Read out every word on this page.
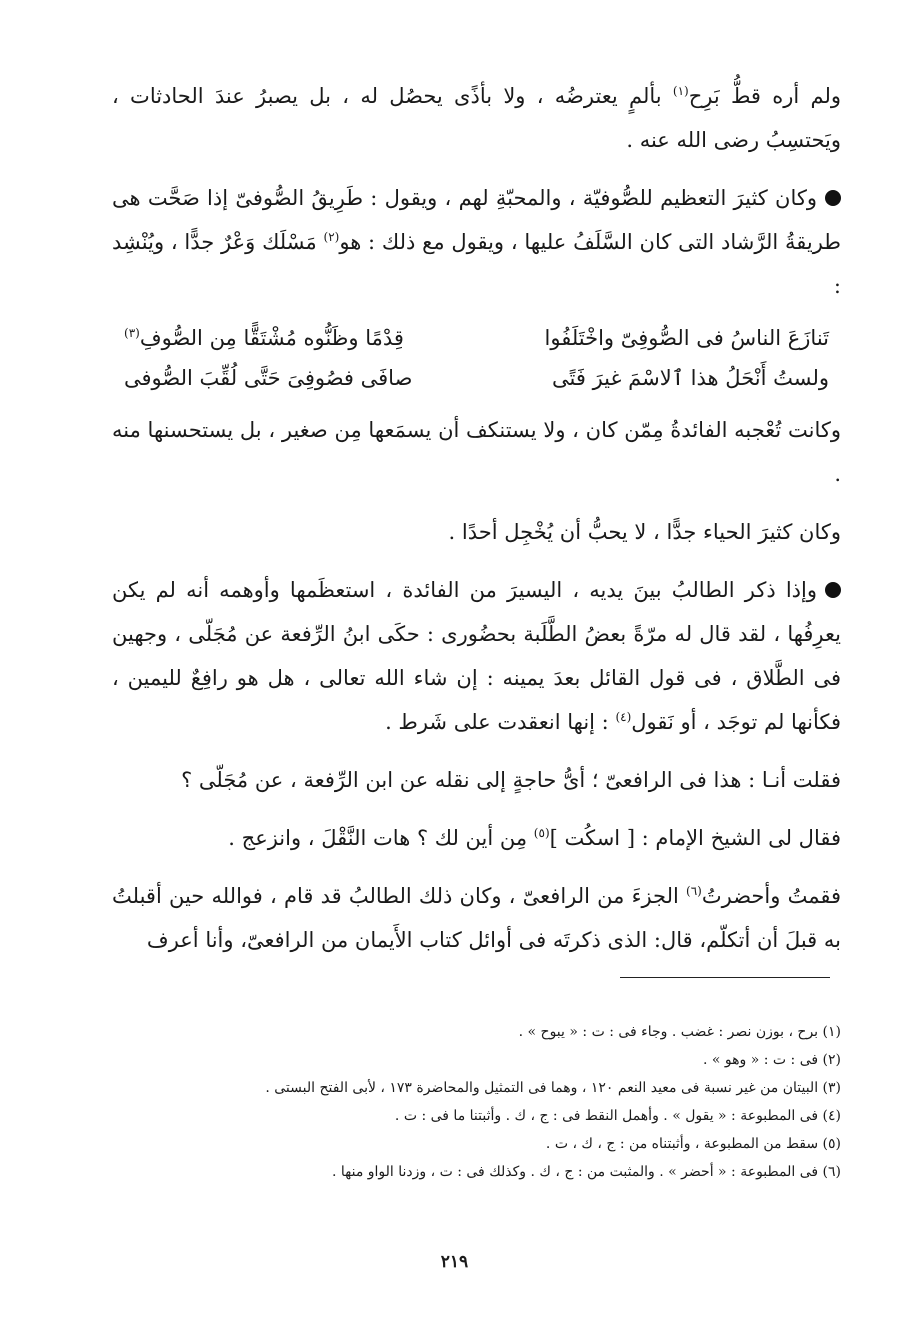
ولم أره قطُّ بَرِح$^{(١)}$ بألمٍ يعترضُه ، ولا بأذًى يحصُل له ، بل يصبرُ عندَ الحادثات ، ويَحتسِبُ رضى الله عنه .

وكان كثيرَ التعظيم للصُّوفيّة ، والمحبّةِ لهم ، ويقول : طَرِيقُ الصُّوفىّ إذا صَحَّت هى طريقةُ الرَّشاد التى كان السَّلَفُ عليها ، ويقول مع ذلك : هو$^{(٢)}$ مَسْلَك وَعْرٌ جدًّا ، ويُنْشِد :

تَنازَعَ الناسُ فى الصُّوفِىّ واخْتَلَفُوا
قِدْمًا وظَنُّوه مُشْتَقًّا مِن الصُّوفِ$^{(٣)}$
ولستُ أَنْحَلُ هذا ٱلاسْمَ غيرَ فَتًى
صافَى فصُوفِىَ حَتَّى لُقِّبَ الصُّوفى

وكانت تُعْجبه الفائدةُ مِمّن كان ، ولا يستنكف أن يسمَعها مِن صغير ، بل يستحسنها منه .

وكان كثيرَ الحياء جدًّا ، لا يحبُّ أن يُخْجِل أحدًا .

وإذا ذكر الطالبُ بينَ يديه ، اليسيرَ من الفائدة ، استعظَمها وأوهمه أنه لم يكن يعرِفُها ، لقد قال له مرّةً بعضُ الطَّلَبة بحضُورى : حكَى ابنُ الرِّفعة عن مُجَلّى ، وجهين فى الطَّلاق ، فى قول القائل بعدَ يمينه : إن شاء الله تعالى ، هل هو رافِعٌ لليمين ، فكأنها لم توجَد ، أو نَقول$^{(٤)}$ : إنها انعقدت على شَرط .

فقلت أنـا : هذا فى الرافعىّ ؛ أىُّ حاجةٍ إلى نقله عن ابن الرِّفعة ، عن مُجَلّى ؟

فقال لى الشيخ الإمام : [ اسكُت ]$^{(٥)}$ مِن أين لك ؟ هات النَّقْلَ ، وانزعج .

فقمتُ وأحضرتُ$^{(٦)}$ الجزءَ من الرافعىّ ، وكان ذلك الطالبُ قد قام ، فوالله حين أقبلتُ به قبلَ أن أتكلّم، قال: الذى ذكرتَه فى أوائل كتاب الأَيمان من الرافعىّ، وأنا أعرف

(١) برح ، بوزن نصر : غضب . وجاء فى : ت : « يبوح » .
(٢) فى : ت : « وهو » .
(٣) البيتان من غير نسبة فى معيد النعم ١٢٠ ، وهما فى التمثيل والمحاضرة ١٧٣ ، لأبى الفتح البستى .
(٤) فى المطبوعة : « يقول » . وأهمل النقط فى : ج ، ك . وأثبتنا ما فى : ت .
(٥) سقط من المطبوعة ، وأثبتناه من : ج ، ك ، ت .
(٦) فى المطبوعة : « أحضر » . والمثبت من : ج ، ك . وكذلك فى : ت ، وزدنا الواو منها .
٢١٩
